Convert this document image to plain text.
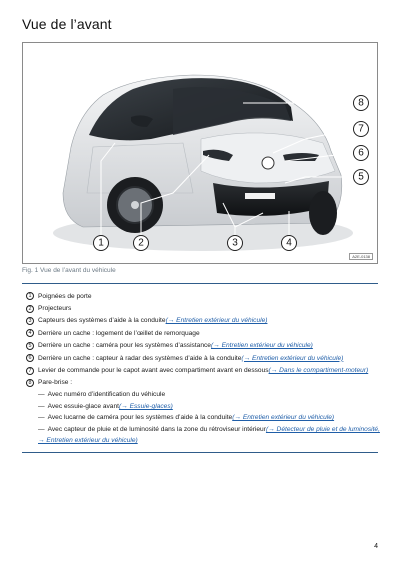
Vue de l’avant
1	2	3	4
5
6
7
8
A2E-0138
Fig. 1 Vue de l’avant du véhicule
1 Poignées de porte
2 Projecteurs
3 Capteurs des systèmes d’aide à la conduite (→ Entretien extérieur du véhicule)
4 Derrière un cache : logement de l’œillet de remorquage
5 Derrière un cache : caméra pour les systèmes d’assistance (→ Entretien extérieur du véhicule)
6 Derrière un cache : capteur à radar des systèmes d’aide à la conduite (→ Entretien extérieur du véhicule)
7 Levier de commande pour le capot avant avec compartiment avant en dessous (→ Dans le compartiment-moteur)
8 Pare-brise :
— Avec numéro d’identification du véhicule
— Avec essuie-glace avant (→ Essuie-glaces)
— Avec lucarne de caméra pour les systèmes d’aide à la conduite (→ Entretien extérieur du véhicule)
— Avec capteur de pluie et de luminosité dans la zone du rétroviseur intérieur (→ Détecteur de pluie et de luminosité,
→ Entretien extérieur du véhicule)
4
